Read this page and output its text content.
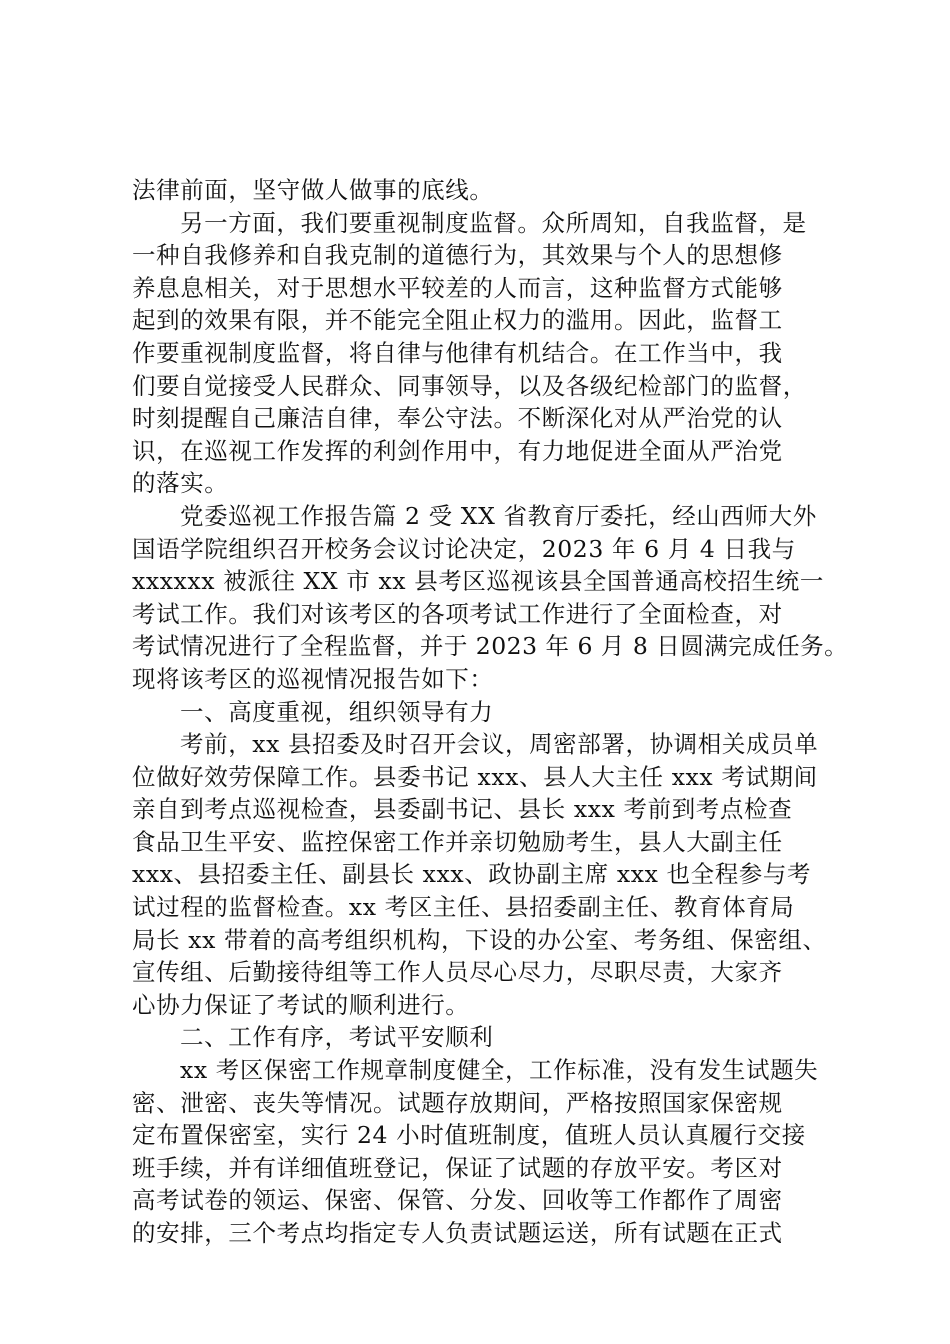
法律前面，坚守做人做事的底线。
另一方面，我们要重视制度监督。众所周知，自我监督，是
一种自我修养和自我克制的道德行为，其效果与个人的思想修
养息息相关，对于思想水平较差的人而言，这种监督方式能够
起到的效果有限，并不能完全阻止权力的滥用。因此，监督工
作要重视制度监督，将自律与他律有机结合。在工作当中，我
们要自觉接受人民群众、同事领导，以及各级纪检部门的监督，
时刻提醒自己廉洁自律，奉公守法。不断深化对从严治党的认
识，在巡视工作发挥的利剑作用中，有力地促进全面从严治党
的落实。
党委巡视工作报告篇 2 受 XX 省教育厅委托，经山西师大外
国语学院组织召开校务会议讨论决定，2023 年 6 月 4 日我与
xxxxxx 被派往 XX 市 xx 县考区巡视该县全国普通高校招生统一
考试工作。我们对该考区的各项考试工作进行了全面检查，对
考试情况进行了全程监督，并于 2023 年 6 月 8 日圆满完成任务。
现将该考区的巡视情况报告如下：
一、高度重视，组织领导有力
考前，xx 县招委及时召开会议，周密部署，协调相关成员单
位做好效劳保障工作。县委书记 xxx、县人大主任 xxx 考试期间
亲自到考点巡视检查，县委副书记、县长 xxx 考前到考点检查
食品卫生平安、监控保密工作并亲切勉励考生，县人大副主任
xxx、县招委主任、副县长 xxx、政协副主席 xxx 也全程参与考
试过程的监督检查。xx 考区主任、县招委副主任、教育体育局
局长 xx 带着的高考组织机构，下设的办公室、考务组、保密组、
宣传组、后勤接待组等工作人员尽心尽力，尽职尽责，大家齐
心协力保证了考试的顺利进行。
二、工作有序，考试平安顺利
xx 考区保密工作规章制度健全，工作标准，没有发生试题失
密、泄密、丧失等情况。试题存放期间，严格按照国家保密规
定布置保密室，实行 24 小时值班制度，值班人员认真履行交接
班手续，并有详细值班登记，保证了试题的存放平安。考区对
高考试卷的领运、保密、保管、分发、回收等工作都作了周密
的安排，三个考点均指定专人负责试题运送，所有试题在正式
